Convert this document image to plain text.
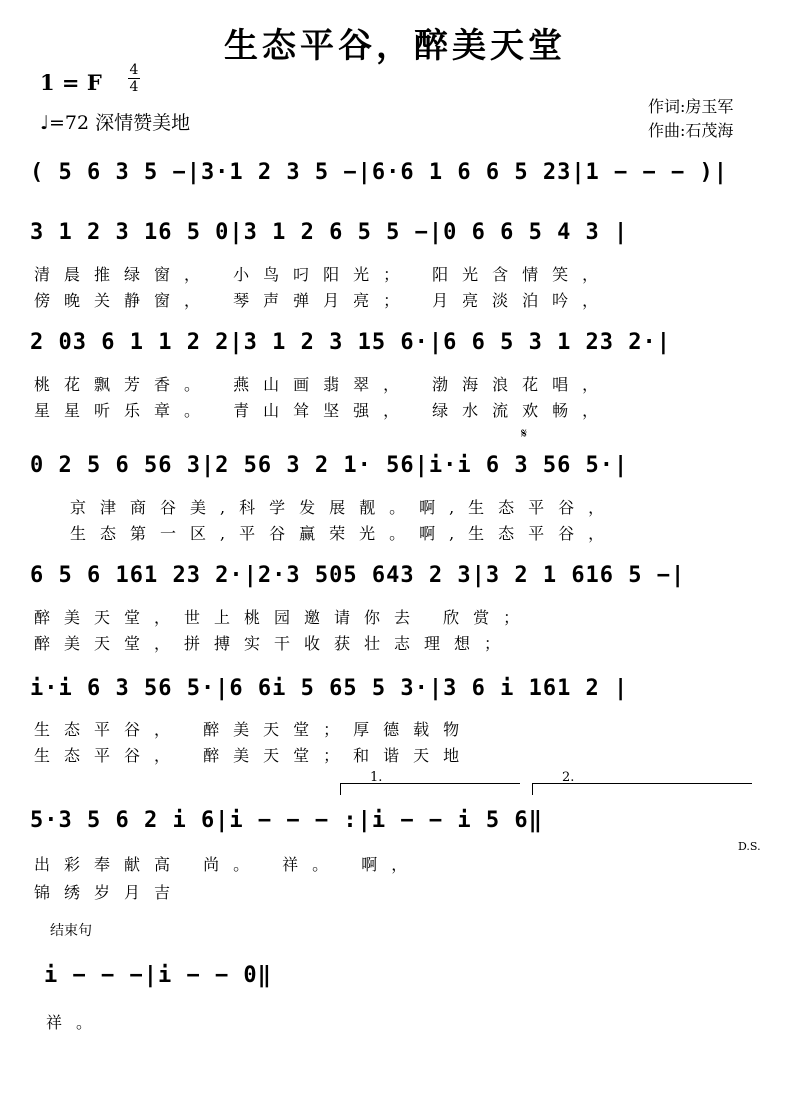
生态平谷，醉美天堂
1 = F 4
4
♩=72 深情赞美地
作词:房玉军
作曲:石茂海
( 5 6 3 5 −|3·1 2 3 5 −|6·6 1 6 6 5 23|1 − − − )|
3 1 2 3 16 5 0|3 1 2 6 5 5 −|0 6 6 5 4 3 |
清晨推绿窗， 小鸟叼阳光； 阳光含情笑，
傍晚关静窗， 琴声弹月亮； 月亮淡泊吟，
2 03 6 1 1 2 2|3 1 2 3 15 6·|6 6 5 3 1 23 2·|
桃花飘芳香。 燕山画翡翠， 渤海浪花唱，
星星听乐章。 青山耸坚强， 绿水流欢畅，
𝄋
0 2 5 6 56 3|2 56 3 2 1· 56|i·i 6 3 56 5·|
京津商谷美,科学发展靓。啊,生态平谷，
生态第一区,平谷赢荣光。啊,生态平谷，
6 5 6 161 23 2·|2·3 505 643 2 3|3 2 1 616 5 −|
醉美天堂，世上桃园邀请你去 欣赏；
醉美天堂，拼搏实干收获壮志理想；
i·i 6 3 56 5·|6 6i 5 65 5 3·|3 6 i 161 2 |
生态平谷， 醉美天堂；厚德载物
生态平谷， 醉美天堂；和谐天地
1.	2.
5·3 5 6 2 i 6|i − − − :|i − − i 5 6‖
D.S.
出彩奉献高 尚。 祥。 啊，
锦绣岁月吉
结束句
i − − −|i − − 0‖
祥。
